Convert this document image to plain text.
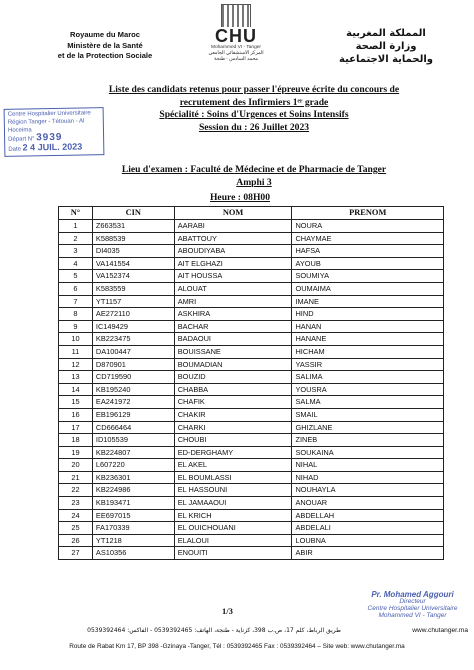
Royaume du Maroc
Ministère de la Santé
et de la Protection Sociale
CHU
Mohammed VI - Tanger
المركز الاستشفائي الجامعي
محمد السادس - طنجة
المملكة المغربية
وزارة الصحة
والحماية الاجتماعية
Liste des candidats retenus pour passer l'épreuve écrite du concours de
recrutement des Infirmiers 1ᵉʳ grade
Spécialité : Soins d'Urgences et Soins Intensifs
Session du : 26 Juillet 2023
Centre Hospitalier Universitaire
Région Tanger - Tétouan - Al Hoceima
Départ N° 3939
Date 2 4 JUIL. 2023
Lieu d'examen : Faculté de Médecine et de Pharmacie de Tanger
Amphi 3
Heure : 08H00
N°	CIN	NOM	PRENOM
1	Z663531	AARABI	NOURA
2	K588539	ABATTOUY	CHAYMAE
3	DI4035	ABOUDIYABA	HAFSA
4	VA141554	AIT ELGHAZI	AYOUB
5	VA152374	AIT HOUSSA	SOUMIYA
6	K583559	ALOUAT	OUMAIMA
7	YT1157	AMRI	IMANE
8	AE272110	ASKHIRA	HIND
9	IC149429	BACHAR	HANAN
10	KB223475	BADAOUI	HANANE
11	DA100447	BOUISSANE	HICHAM
12	D870901	BOUMADIAN	YASSIR
13	CD719590	BOUZID	SALIMA
14	KB195240	CHABBA	YOUSRA
15	EA241972	CHAFIK	SALMA
16	EB196129	CHAKIR	SMAIL
17	CD666464	CHARKI	GHIZLANE
18	ID105539	CHOUBI	ZINEB
19	KB224807	ED-DERGHAMY	SOUKAINA
20	L607220	EL AKEL	NIHAL
21	KB236301	EL BOUMLASSI	NIHAD
22	KB224986	EL HASSOUNI	NOUHAYLA
23	KB193471	EL JAMAAOUI	ANOUAR
24	EE697015	EL KRICH	ABDELLAH
25	FA170339	EL OUICHOUANI	ABDELALI
26	YT1218	ELALOUI	LOUBNA
27	AS10356	ENOUITI	ABIR
Pr. Mohamed Aggouri
Directeur
Centre Hospitalier Universitaire
Mohammed VI - Tanger
1/3
طريق الرباط، كلم 17، ص.ب 398، كزناية - طنجة، الهاتف: 0539392465 - الفاكس: 0539392464	www.chutanger.ma
Route de Rabat Km 17, BP 398 -Gzinaya -Tanger, Tél : 0539392465 Fax : 0539392464 – Site web: www.chutanger.ma
